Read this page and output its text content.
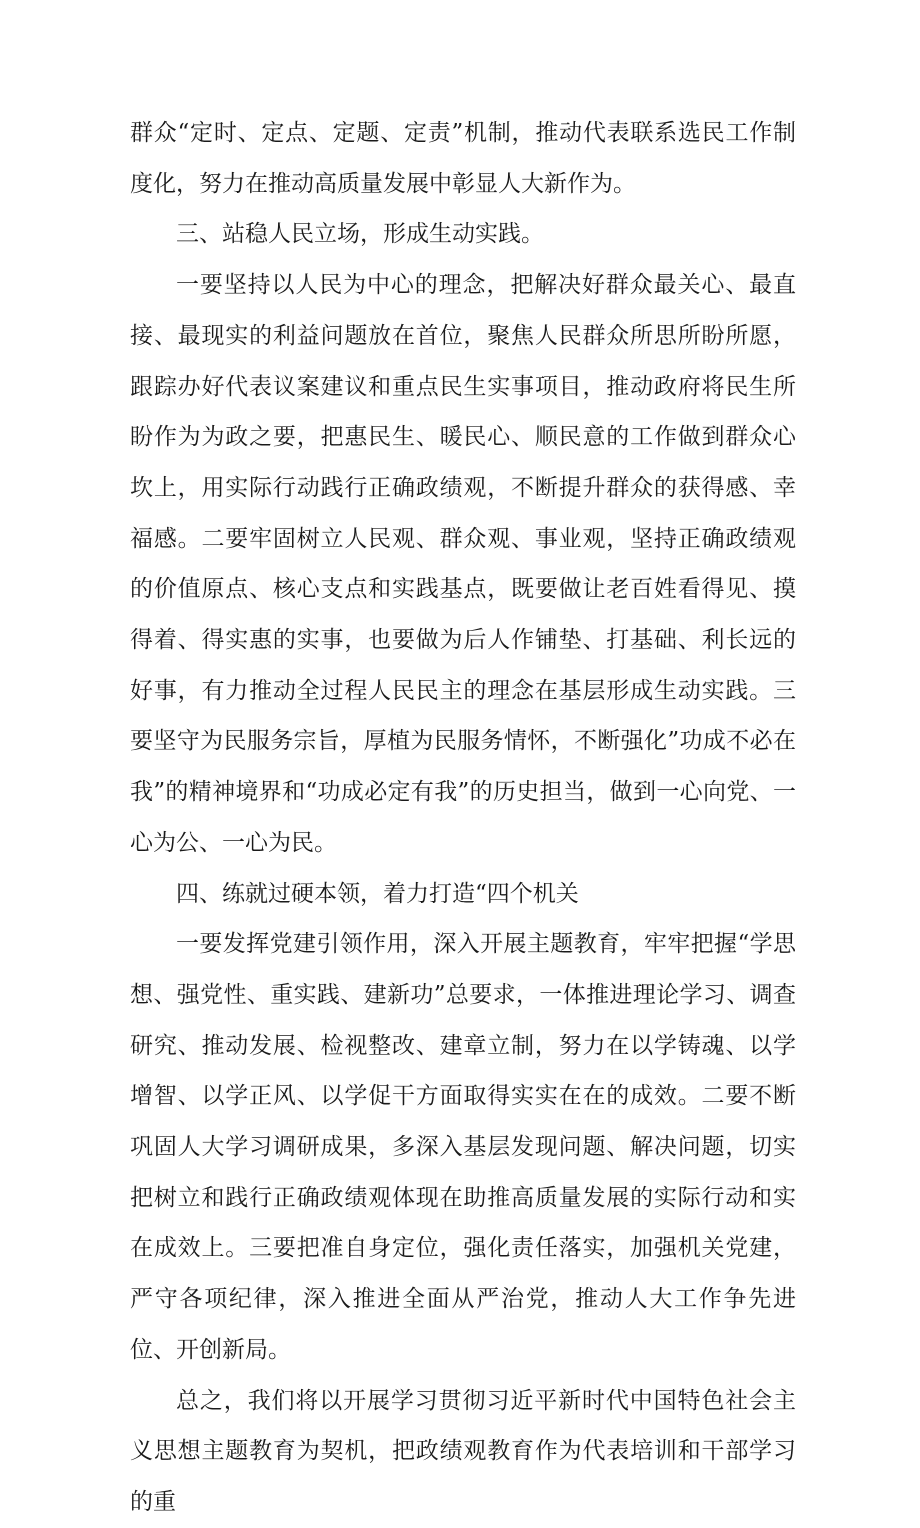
群众“定时、定点、定题、定责”机制，推动代表联系选民工作制度化，努力在推动高质量发展中彰显人大新作为。

三、站稳人民立场，形成生动实践。

一要坚持以人民为中心的理念，把解决好群众最关心、最直接、最现实的利益问题放在首位，聚焦人民群众所思所盼所愿，跟踪办好代表议案建议和重点民生实事项目，推动政府将民生所盼作为为政之要，把惠民生、暖民心、顺民意的工作做到群众心坎上，用实际行动践行正确政绩观，不断提升群众的获得感、幸福感。二要牢固树立人民观、群众观、事业观，坚持正确政绩观的价值原点、核心支点和实践基点，既要做让老百姓看得见、摸得着、得实惠的实事，也要做为后人作铺垫、打基础、利长远的好事，有力推动全过程人民民主的理念在基层形成生动实践。三要坚守为民服务宗旨，厚植为民服务情怀，不断强化”功成不必在我”的精神境界和“功成必定有我”的历史担当，做到一心向党、一心为公、一心为民。

四、练就过硬本领，着力打造“四个机关

一要发挥党建引领作用，深入开展主题教育，牢牢把握“学思想、强党性、重实践、建新功”总要求，一体推进理论学习、调查研究、推动发展、检视整改、建章立制，努力在以学铸魂、以学增智、以学正风、以学促干方面取得实实在在的成效。二要不断巩固人大学习调研成果，多深入基层发现问题、解决问题，切实把树立和践行正确政绩观体现在助推高质量发展的实际行动和实在成效上。三要把准自身定位，强化责任落实，加强机关党建，严守各项纪律，深入推进全面从严治党，推动人大工作争先进位、开创新局。

总之，我们将以开展学习贯彻习近平新时代中国特色社会主义思想主题教育为契机，把政绩观教育作为代表培训和干部学习的重
